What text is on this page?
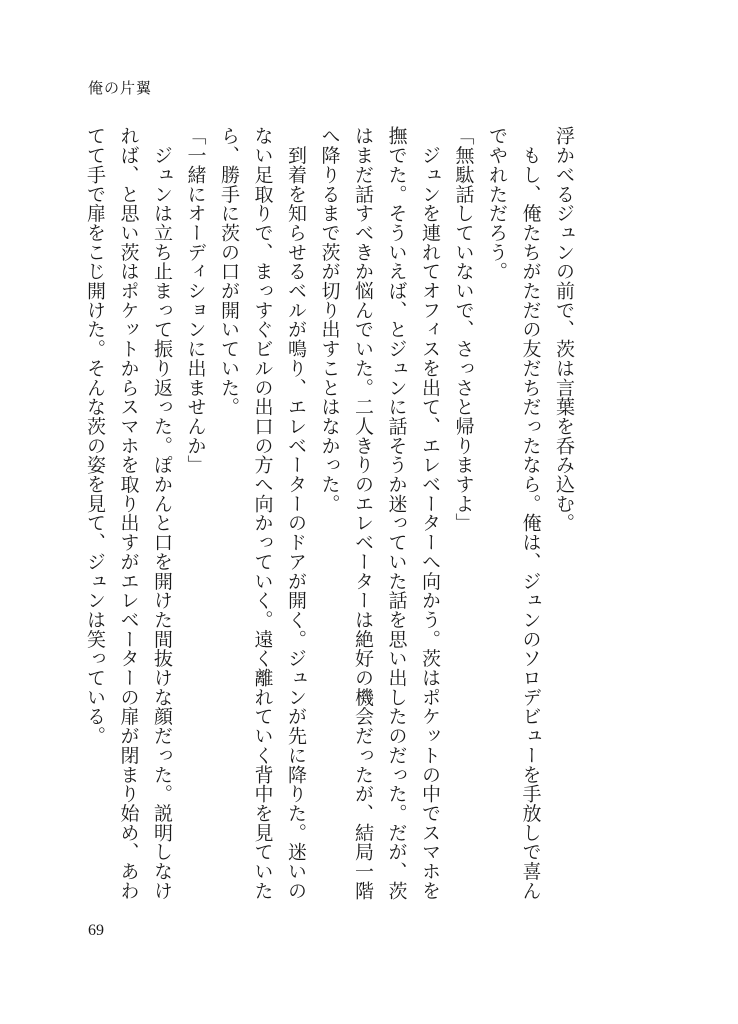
俺の片翼
浮かべるジュンの前で、茨は言葉を呑み込む。
　もし、俺たちがただの友だちだったなら。俺は、ジュンのソロデビューを手放しで喜ん
でやれただろう。
「無駄話していないで、さっさと帰りますよ」
　ジュンを連れてオフィスを出て、エレベーターへ向かう。茨はポケットの中でスマホを
撫でた。そういえば、とジュンに話そうか迷っていた話を思い出したのだった。だが、茨
はまだ話すべきか悩んでいた。二人きりのエレベーターは絶好の機会だったが、結局一階
へ降りるまで茨が切り出すことはなかった。
　到着を知らせるベルが鳴り、エレベーターのドアが開く。ジュンが先に降りた。迷いの
ない足取りで、まっすぐビルの出口の方へ向かっていく。遠く離れていく背中を見ていた
ら、勝手に茨の口が開いていた。
「一緒にオーディションに出ませんか」
　ジュンは立ち止まって振り返った。ぽかんと口を開けた間抜けな顔だった。説明しなけ
れば、と思い茨はポケットからスマホを取り出すがエレベーターの扉が閉まり始め、あわ
てて手で扉をこじ開けた。そんな茨の姿を見て、ジュンは笑っている。
69
